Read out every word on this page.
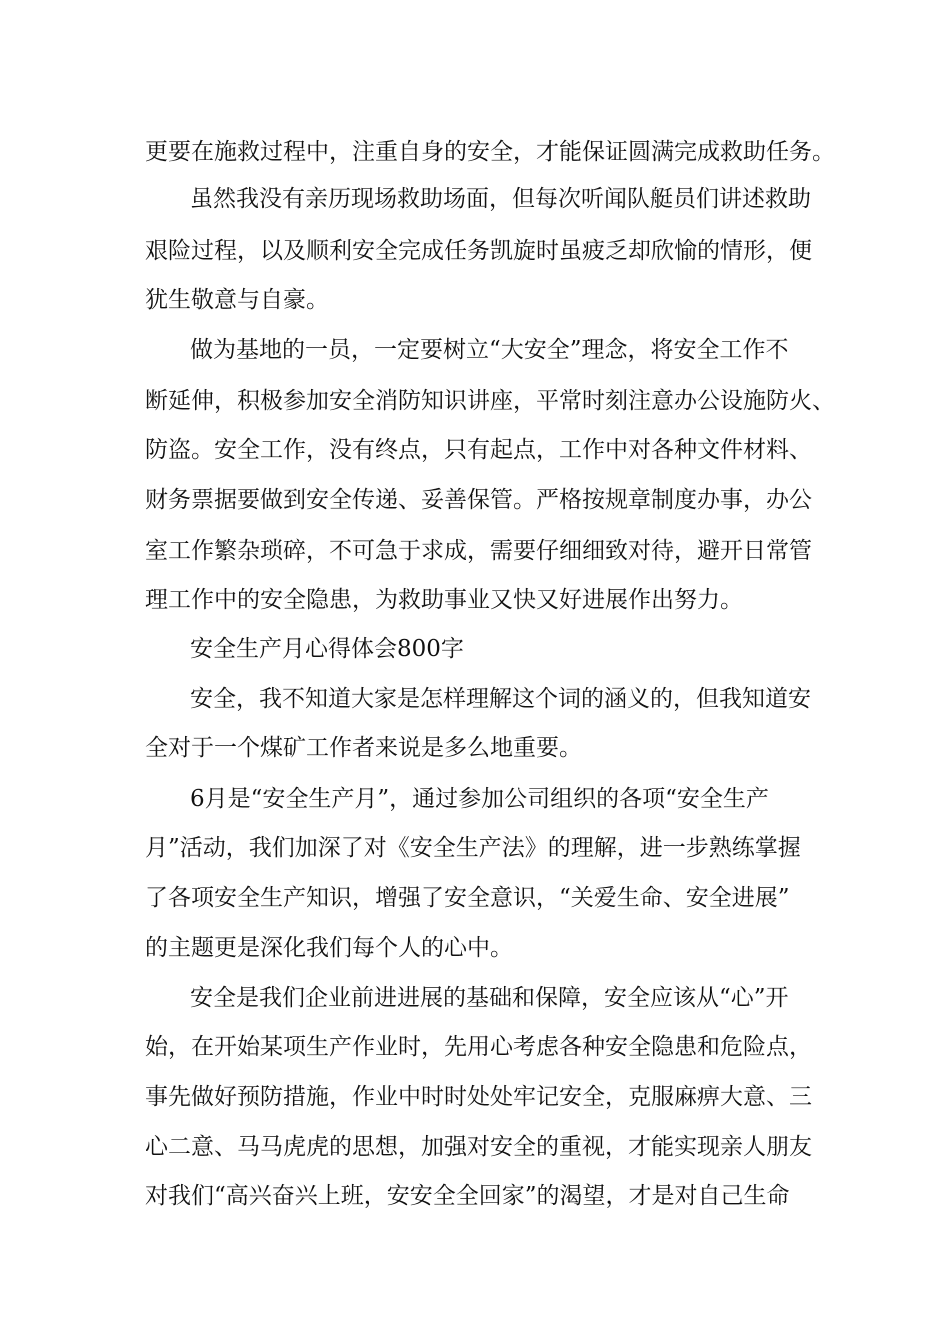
更要在施救过程中，注重自身的安全，才能保证圆满完成救助任务。
虽然我没有亲历现场救助场面，但每次听闻队艇员们讲述救助
艰险过程，以及顺利安全完成任务凯旋时虽疲乏却欣愉的情形，便
犹生敬意与自豪。
做为基地的一员，一定要树立“大安全”理念，将安全工作不
断延伸，积极参加安全消防知识讲座，平常时刻注意办公设施防火、
防盗。安全工作，没有终点，只有起点，工作中对各种文件材料、
财务票据要做到安全传递、妥善保管。严格按规章制度办事，办公
室工作繁杂琐碎，不可急于求成，需要仔细细致对待，避开日常管
理工作中的安全隐患，为救助事业又快又好进展作出努力。
安全生产月心得体会800字
安全，我不知道大家是怎样理解这个词的涵义的，但我知道安
全对于一个煤矿工作者来说是多么地重要。
6月是“安全生产月”，通过参加公司组织的各项“安全生产
月”活动，我们加深了对《安全生产法》的理解，进一步熟练掌握
了各项安全生产知识，增强了安全意识，“关爱生命、安全进展”
的主题更是深化我们每个人的心中。
安全是我们企业前进进展的基础和保障，安全应该从“心”开
始，在开始某项生产作业时，先用心考虑各种安全隐患和危险点，
事先做好预防措施，作业中时时处处牢记安全，克服麻痹大意、三
心二意、马马虎虎的思想，加强对安全的重视，才能实现亲人朋友
对我们“高兴奋兴上班，安安全全回家”的渴望，才是对自己生命
